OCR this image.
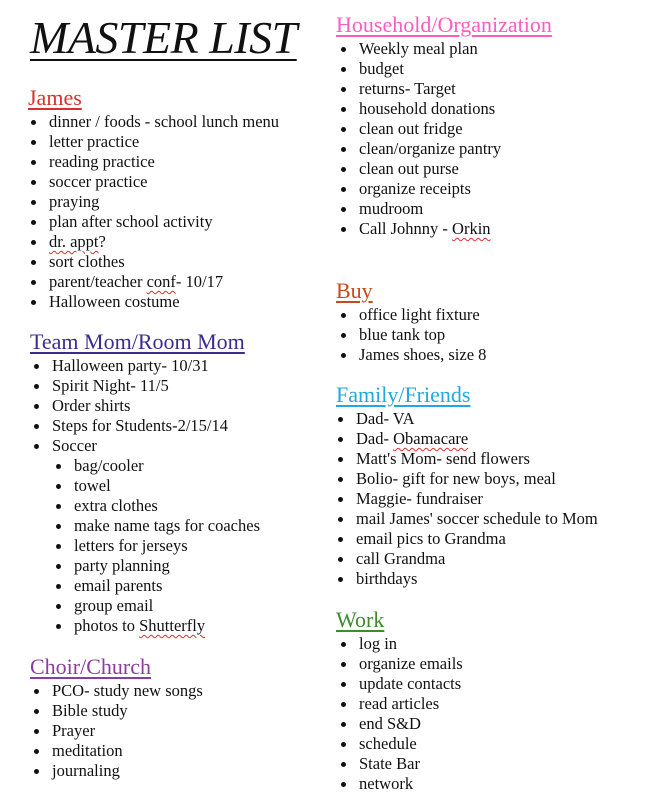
MASTER LIST
James
dinner / foods - school lunch menu
letter practice
reading practice
soccer practice
praying
plan after school activity
dr. appt?
sort clothes
parent/teacher conf- 10/17
Halloween costume
Team Mom/Room Mom
Halloween party- 10/31
Spirit Night- 11/5
Order shirts
Steps for Students-2/15/14
Soccer
bag/cooler
towel
extra clothes
make name tags for coaches
letters for jerseys
party planning
email parents
group email
photos to Shutterfly
Choir/Church
PCO- study new songs
Bible study
Prayer
meditation
journaling
Household/Organization
Weekly meal plan
budget
returns- Target
household donations
clean out fridge
clean/organize pantry
clean out purse
organize receipts
mudroom
Call Johnny - Orkin
Buy
office light fixture
blue tank top
James shoes, size 8
Family/Friends
Dad- VA
Dad- Obamacare
Matt's Mom- send flowers
Bolio- gift for new boys, meal
Maggie- fundraiser
mail James' soccer schedule to Mom
email pics to Grandma
call Grandma
birthdays
Work
log in
organize emails
update contacts
read articles
end S&D
schedule
State Bar
network
